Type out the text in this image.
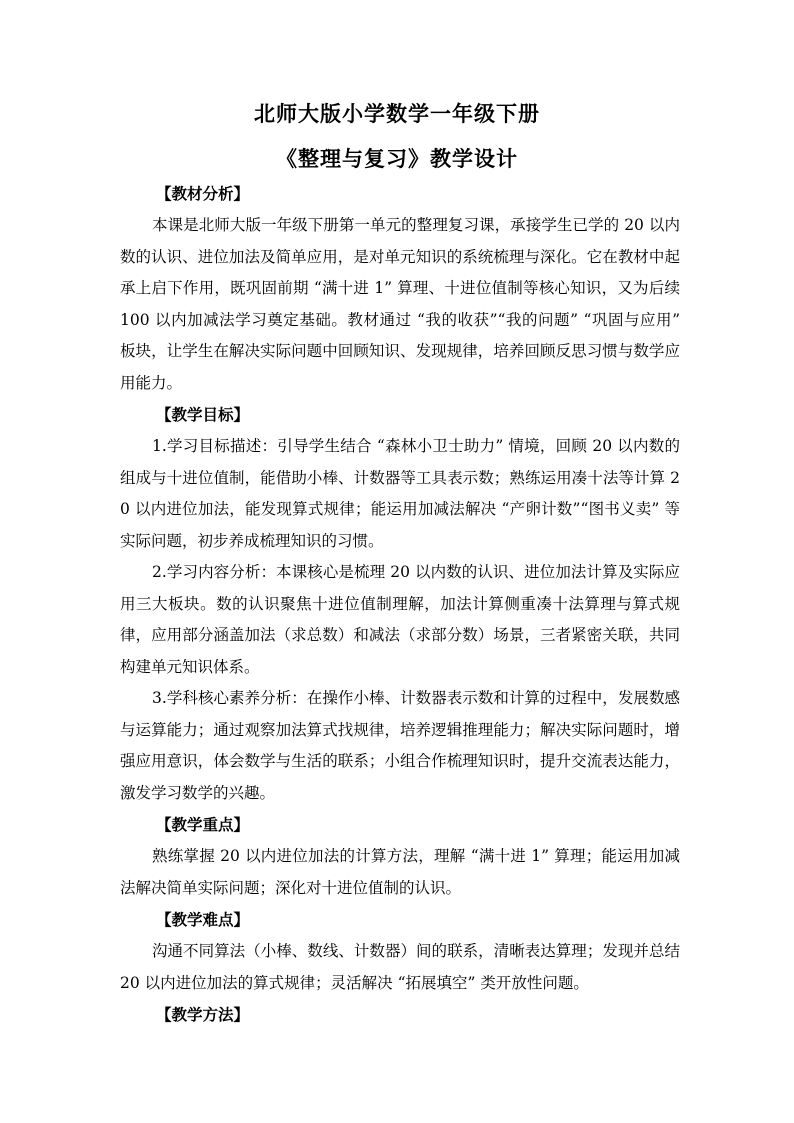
北师大版小学数学一年级下册
《整理与复习》教学设计
【教材分析】

本课是北师大版一年级下册第一单元的整理复习课，承接学生已学的 20 以内数的认识、进位加法及简单应用，是对单元知识的系统梳理与深化。它在教材中起承上启下作用，既巩固前期 “满十进 1” 算理、十进位值制等核心知识，又为后续 100 以内加减法学习奠定基础。教材通过 “我的收获”“我的问题” “巩固与应用” 板块，让学生在解决实际问题中回顾知识、发现规律，培养回顾反思习惯与数学应用能力。

【教学目标】

1.学习目标描述：引导学生结合 “森林小卫士助力” 情境，回顾 20 以内数的组成与十进位值制，能借助小棒、计数器等工具表示数；熟练运用凑十法等计算 20 以内进位加法，能发现算式规律；能运用加减法解决 “产卵计数”“图书义卖” 等实际问题，初步养成梳理知识的习惯。

2.学习内容分析：本课核心是梳理 20 以内数的认识、进位加法计算及实际应用三大板块。数的认识聚焦十进位值制理解，加法计算侧重凑十法算理与算式规律，应用部分涵盖加法（求总数）和减法（求部分数）场景，三者紧密关联，共同构建单元知识体系。

3.学科核心素养分析：在操作小棒、计数器表示数和计算的过程中，发展数感与运算能力；通过观察加法算式找规律，培养逻辑推理能力；解决实际问题时，增强应用意识，体会数学与生活的联系；小组合作梳理知识时，提升交流表达能力，激发学习数学的兴趣。

【教学重点】

熟练掌握 20 以内进位加法的计算方法，理解 “满十进 1” 算理；能运用加减法解决简单实际问题；深化对十进位值制的认识。

【教学难点】

沟通不同算法（小棒、数线、计数器）间的联系，清晰表达算理；发现并总结 20 以内进位加法的算式规律；灵活解决 “拓展填空” 类开放性问题。

【教学方法】
